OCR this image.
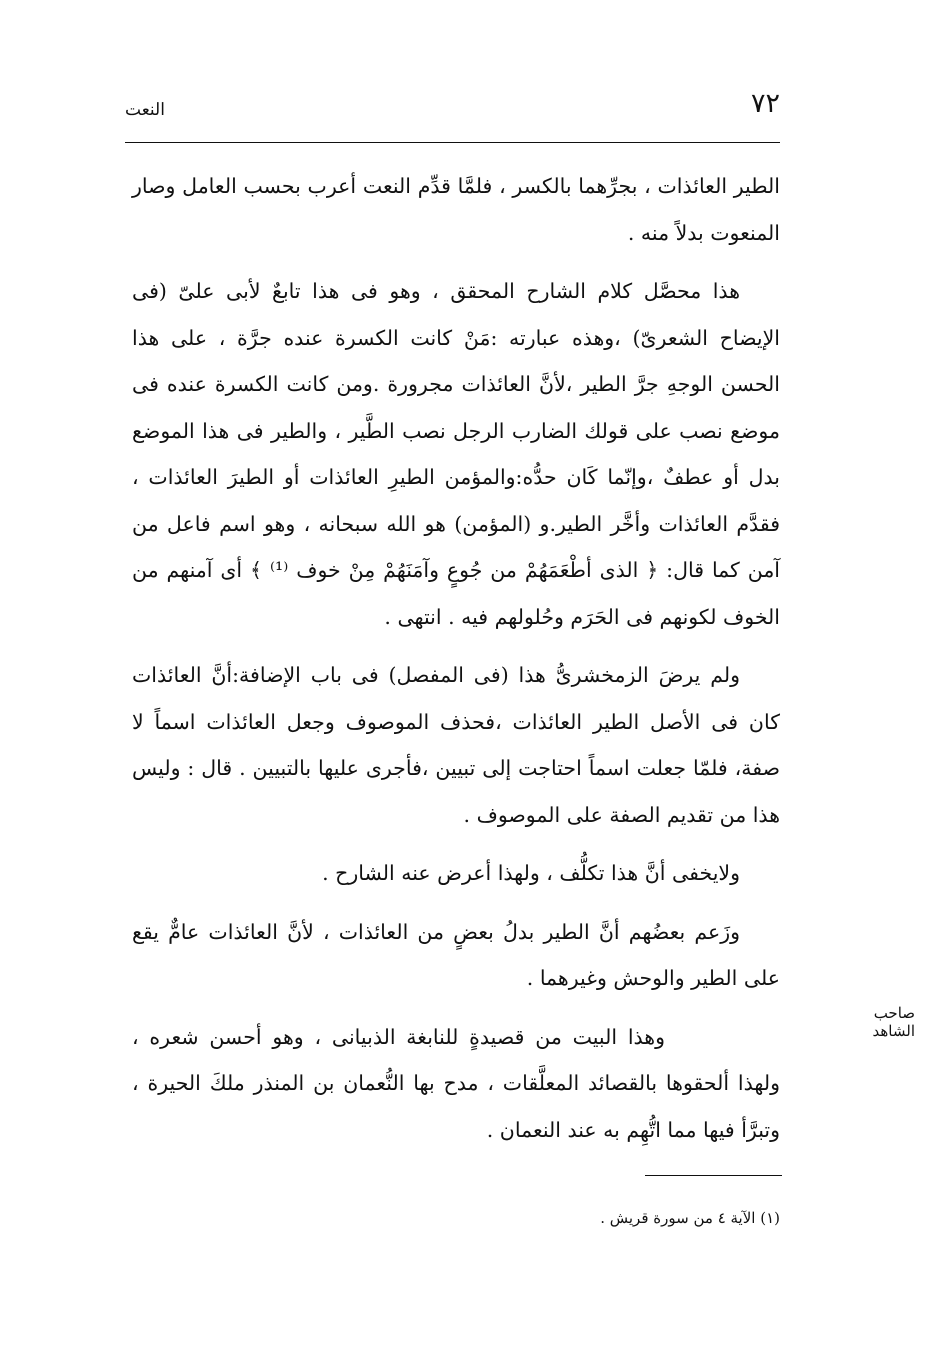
٧٢
النعت

الطير العائذات ، بجرِّهما بالكسر ، فلمَّا قدِّم النعت أعرب بحسب العامل وصار المنعوت بدلاً منه .

هذا محصَّل كلام الشارح المحقق ، وهو فى هذا تابعٌ لأبى علىّ (فى الإيضاح الشعرىّ) ،وهذه عبارته :مَنْ كانت الكسرة عنده جرَّة ، على هذا الحسن الوجهِ جرَّ الطير ،لأنَّ العائذات مجرورة .ومن كانت الكسرة عنده فى موضع نصب على قولك الضارب الرجل نصب الطَّير ، والطير فى هذا الموضع بدل أو عطفٌ ،وإنّما كَان حدُّه:والمؤمن الطيرِ العائذات أو الطيرَ العائذات ، فقدَّم العائذات وأخَّر الطير.و (المؤمن) هو الله سبحانه ، وهو اسم فاعل من آمن كما قال: ﴿ الذى أطْعَمَهُمْ من جُوعٍ وآمَنَهُمْ مِنْ خوف ⁽¹⁾ ﴾ أى آمنهم من الخوف لكونهم فى الحَرَم وحُلولهم فيه . انتهى .

ولم يرضَ الزمخشرىُّ هذا (فى المفصل) فى باب الإضافة:أنَّ العائذات كان فى الأصل الطير العائذات ،فحذف الموصوف وجعل العائذات اسماً لا صفة، فلمّا جعلت اسماً احتاجت إلى تبيين ،فأجرى عليها بالتبيين . قال : وليس هذا من تقديم الصفة على الموصوف .

ولايخفى أنَّ هذا تكلُّف ، ولهذا أعرض عنه الشارح .

وزَعم بعضُهم أنَّ الطير بدلُ بعضٍ من العائذات ، لأنَّ العائذات عامٌّ يقع على الطير والوحش وغيرهما .

وهذا البيت من قصيدةٍ للنابغة الذبيانى ، وهو أحسن شعره ، ولهذا ألحقوها بالقصائد المعلَّقات ، مدح بها النُّعمان بن المنذر ملكَ الحيرة ، وتبرَّأ فيها مما اتُّهِم به عند النعمان .

صاحب الشاهد
(١) الآية ٤ من سورة قريش .
